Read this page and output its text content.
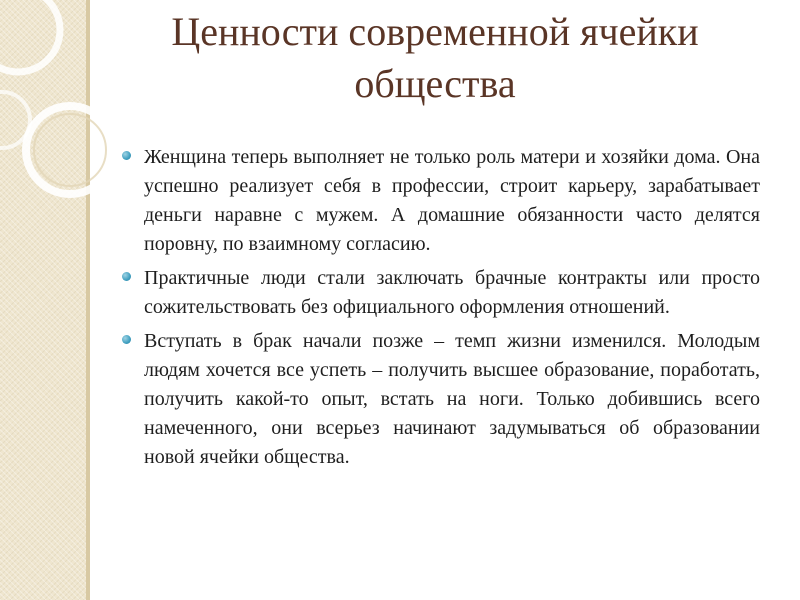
Ценности современной ячейки общества
Женщина теперь выполняет не только роль матери и хозяйки дома. Она успешно реализует себя в профессии, строит карьеру, зарабатывает деньги наравне с мужем. А домашние обязанности часто делятся поровну, по взаимному согласию.
Практичные люди стали заключать брачные контракты или просто сожительствовать без официального оформления отношений.
Вступать в брак начали позже – темп жизни изменился. Молодым людям хочется все успеть – получить высшее образование, поработать, получить какой-то опыт, встать на ноги. Только добившись всего намеченного, они всерьез начинают задумываться об образовании новой ячейки общества.
